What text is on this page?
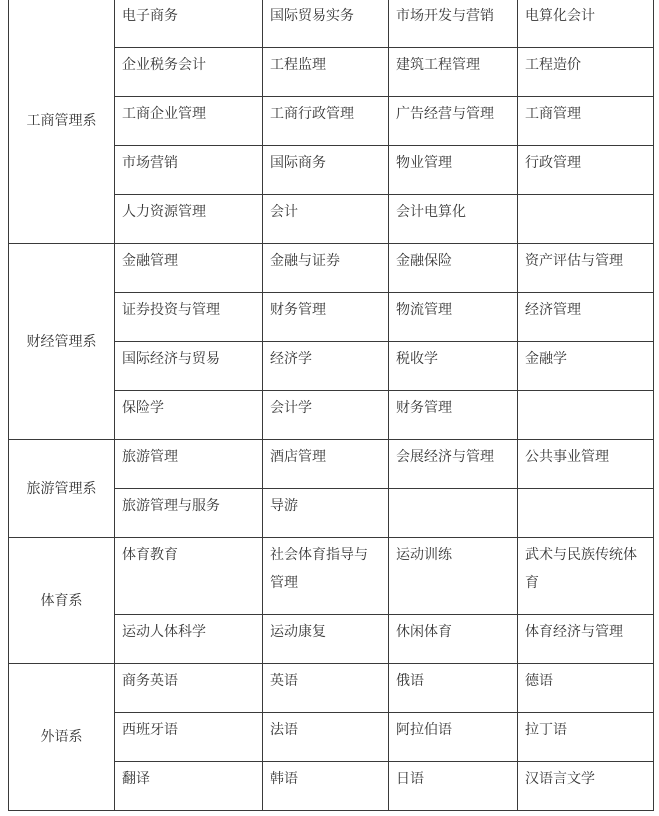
工商管理系	电子商务	国际贸易实务	市场开发与营销	电算化会计
	企业税务会计	工程监理	建筑工程管理	工程造价
	工商企业管理	工商行政管理	广告经营与管理	工商管理
	市场营销	国际商务	物业管理	行政管理
	人力资源管理	会计	会计电算化	
财经管理系	金融管理	金融与证券	金融保险	资产评估与管理
	证券投资与管理	财务管理	物流管理	经济管理
	国际经济与贸易	经济学	税收学	金融学
	保险学	会计学	财务管理	
旅游管理系	旅游管理	酒店管理	会展经济与管理	公共事业管理
	旅游管理与服务	导游		
体育系	体育教育	社会体育指导与管理	运动训练	武术与民族传统体育
	运动人体科学	运动康复	休闲体育	体育经济与管理
外语系	商务英语	英语	俄语	德语
	西班牙语	法语	阿拉伯语	拉丁语
	翻译	韩语	日语	汉语言文学
